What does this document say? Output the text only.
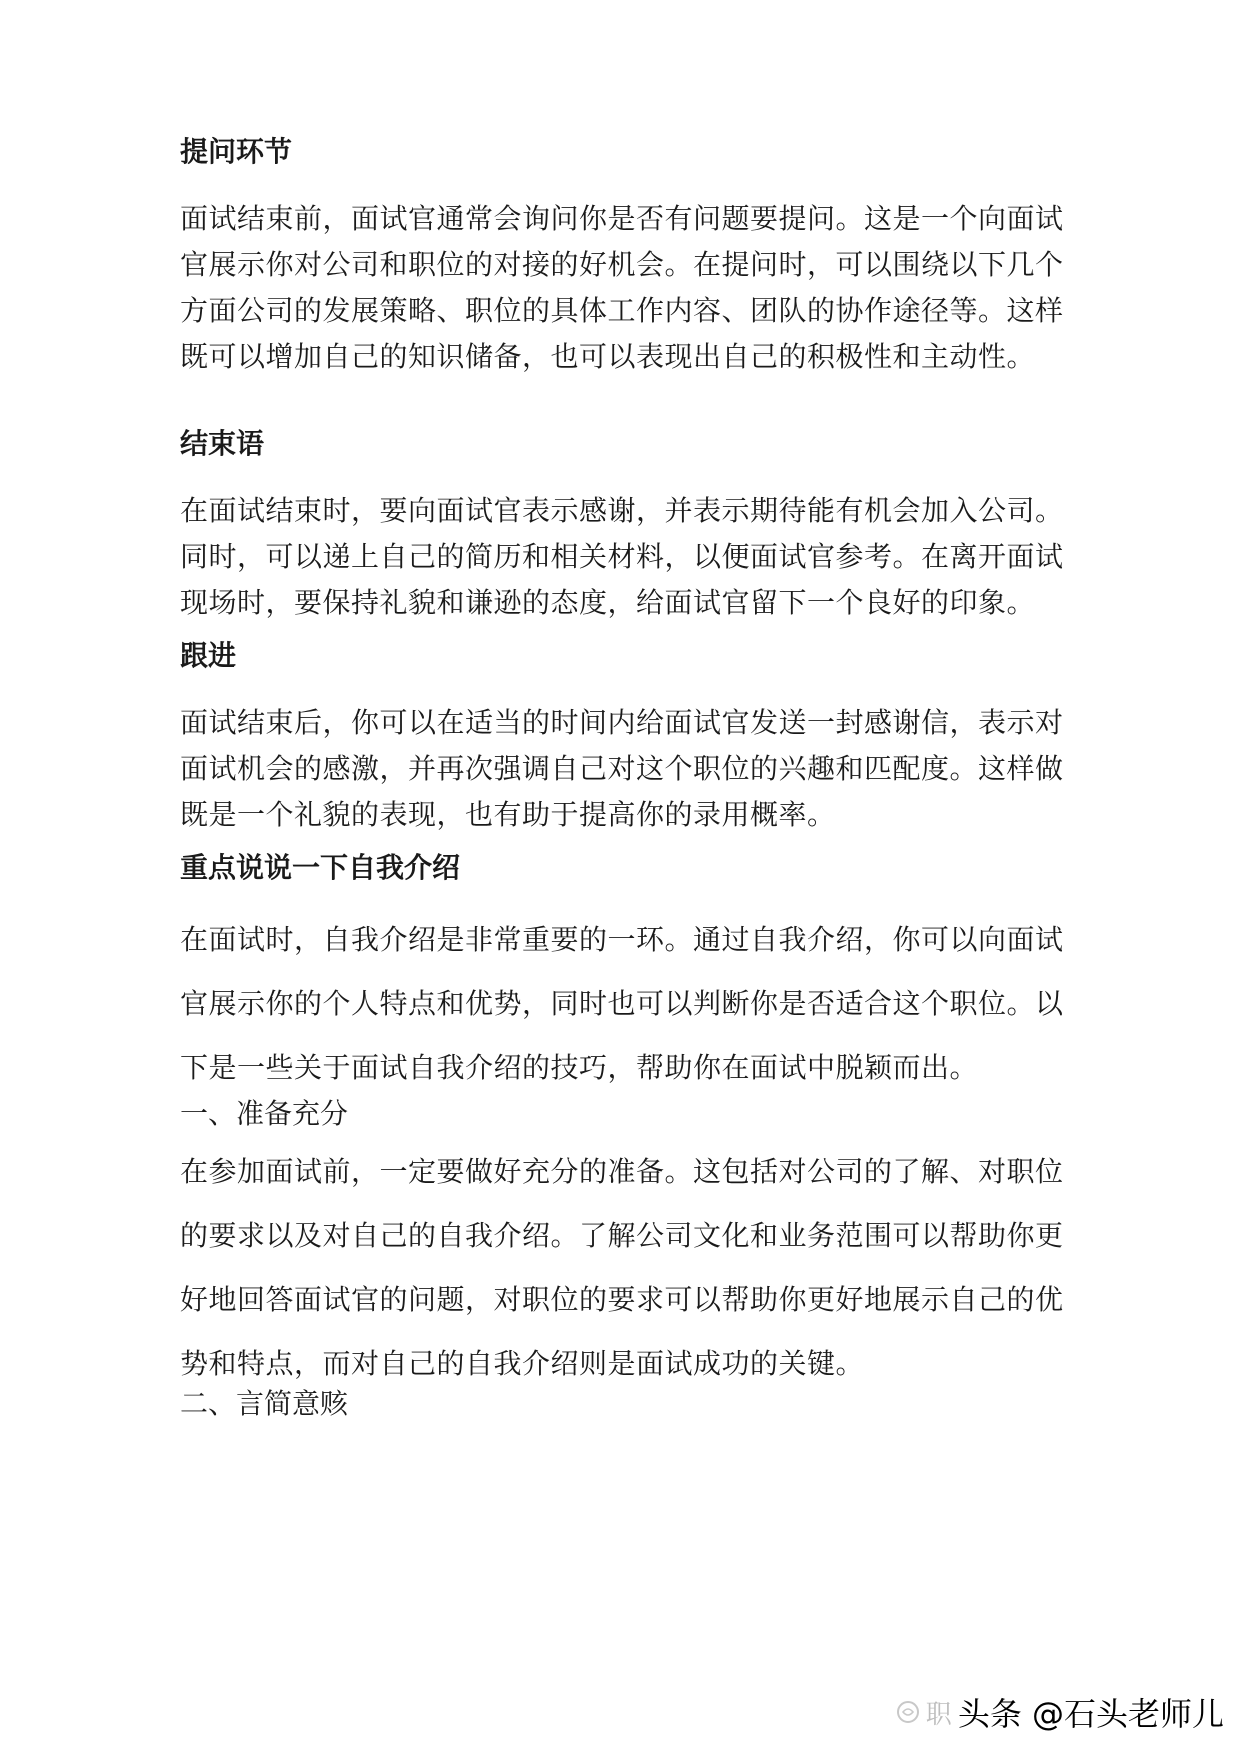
提问环节
面试结束前，面试官通常会询问你是否有问题要提问。这是一个向面试官展示你对公司和职位的对接的好机会。在提问时，可以围绕以下几个方面公司的发展策略、职位的具体工作内容、团队的协作途径等。这样既可以增加自己的知识储备，也可以表现出自己的积极性和主动性。
结束语
在面试结束时，要向面试官表示感谢，并表示期待能有机会加入公司。同时，可以递上自己的简历和相关材料，以便面试官参考。在离开面试现场时，要保持礼貌和谦逊的态度，给面试官留下一个良好的印象。
跟进
面试结束后，你可以在适当的时间内给面试官发送一封感谢信，表示对面试机会的感激，并再次强调自己对这个职位的兴趣和匹配度。这样做既是一个礼貌的表现，也有助于提高你的录用概率。
重点说说一下自我介绍
在面试时，自我介绍是非常重要的一环。通过自我介绍，你可以向面试官展示你的个人特点和优势，同时也可以判断你是否适合这个职位。以下是一些关于面试自我介绍的技巧，帮助你在面试中脱颖而出。
一、准备充分
在参加面试前，一定要做好充分的准备。这包括对公司的了解、对职位的要求以及对自己的自我介绍。了解公司文化和业务范围可以帮助你更好地回答面试官的问题，对职位的要求可以帮助你更好地展示自己的优势和特点，而对自己的自我介绍则是面试成功的关键。
二、言简意赅
职 头条 @石头老师儿
